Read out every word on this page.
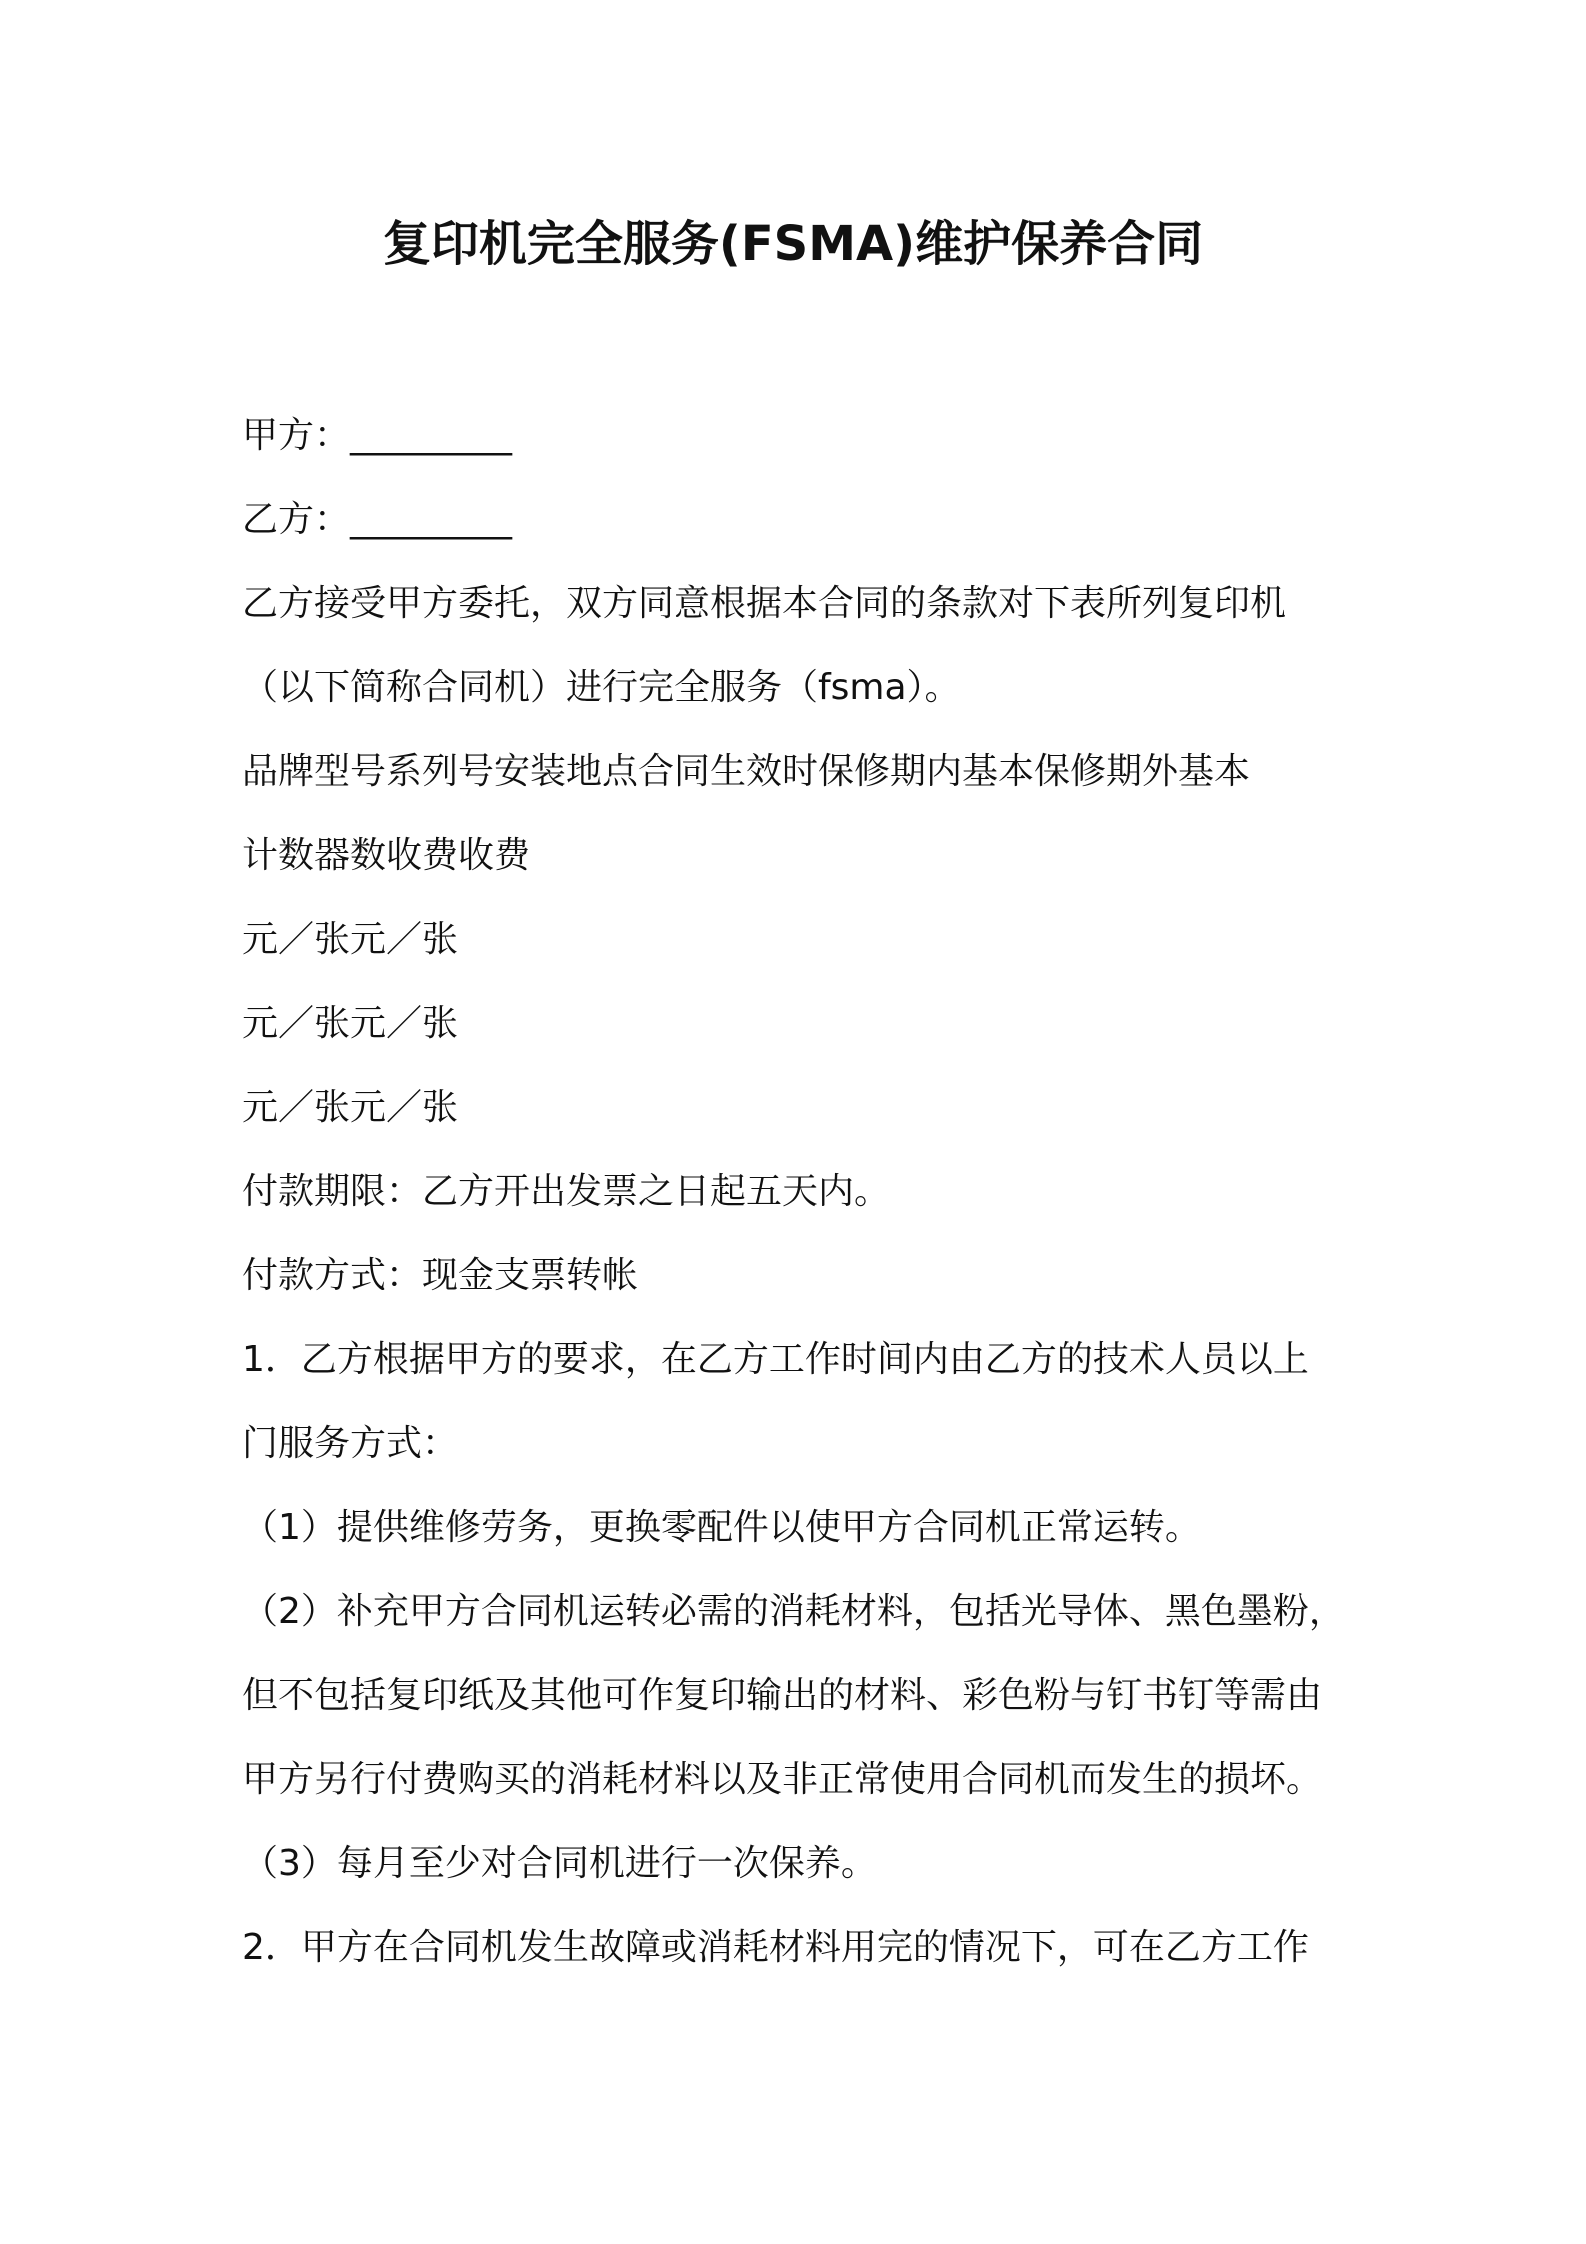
复印机完全服务(FSMA)维护保养合同
甲方：_________
乙方：_________
乙方接受甲方委托，双方同意根据本合同的条款对下表所列复印机
（以下简称合同机）进行完全服务（fsma）。
品牌型号系列号安装地点合同生效时保修期内基本保修期外基本
计数器数收费收费
元／张元／张
元／张元／张
元／张元／张
付款期限：乙方开出发票之日起五天内。
付款方式：现金支票转帐
1．乙方根据甲方的要求，在乙方工作时间内由乙方的技术人员以上
门服务方式：
（1）提供维修劳务，更换零配件以使甲方合同机正常运转。
（2）补充甲方合同机运转必需的消耗材料，包括光导体、黑色墨粉，
但不包括复印纸及其他可作复印输出的材料、彩色粉与钉书钉等需由
甲方另行付费购买的消耗材料以及非正常使用合同机而发生的损坏。
（3）每月至少对合同机进行一次保养。
2．甲方在合同机发生故障或消耗材料用完的情况下，可在乙方工作
